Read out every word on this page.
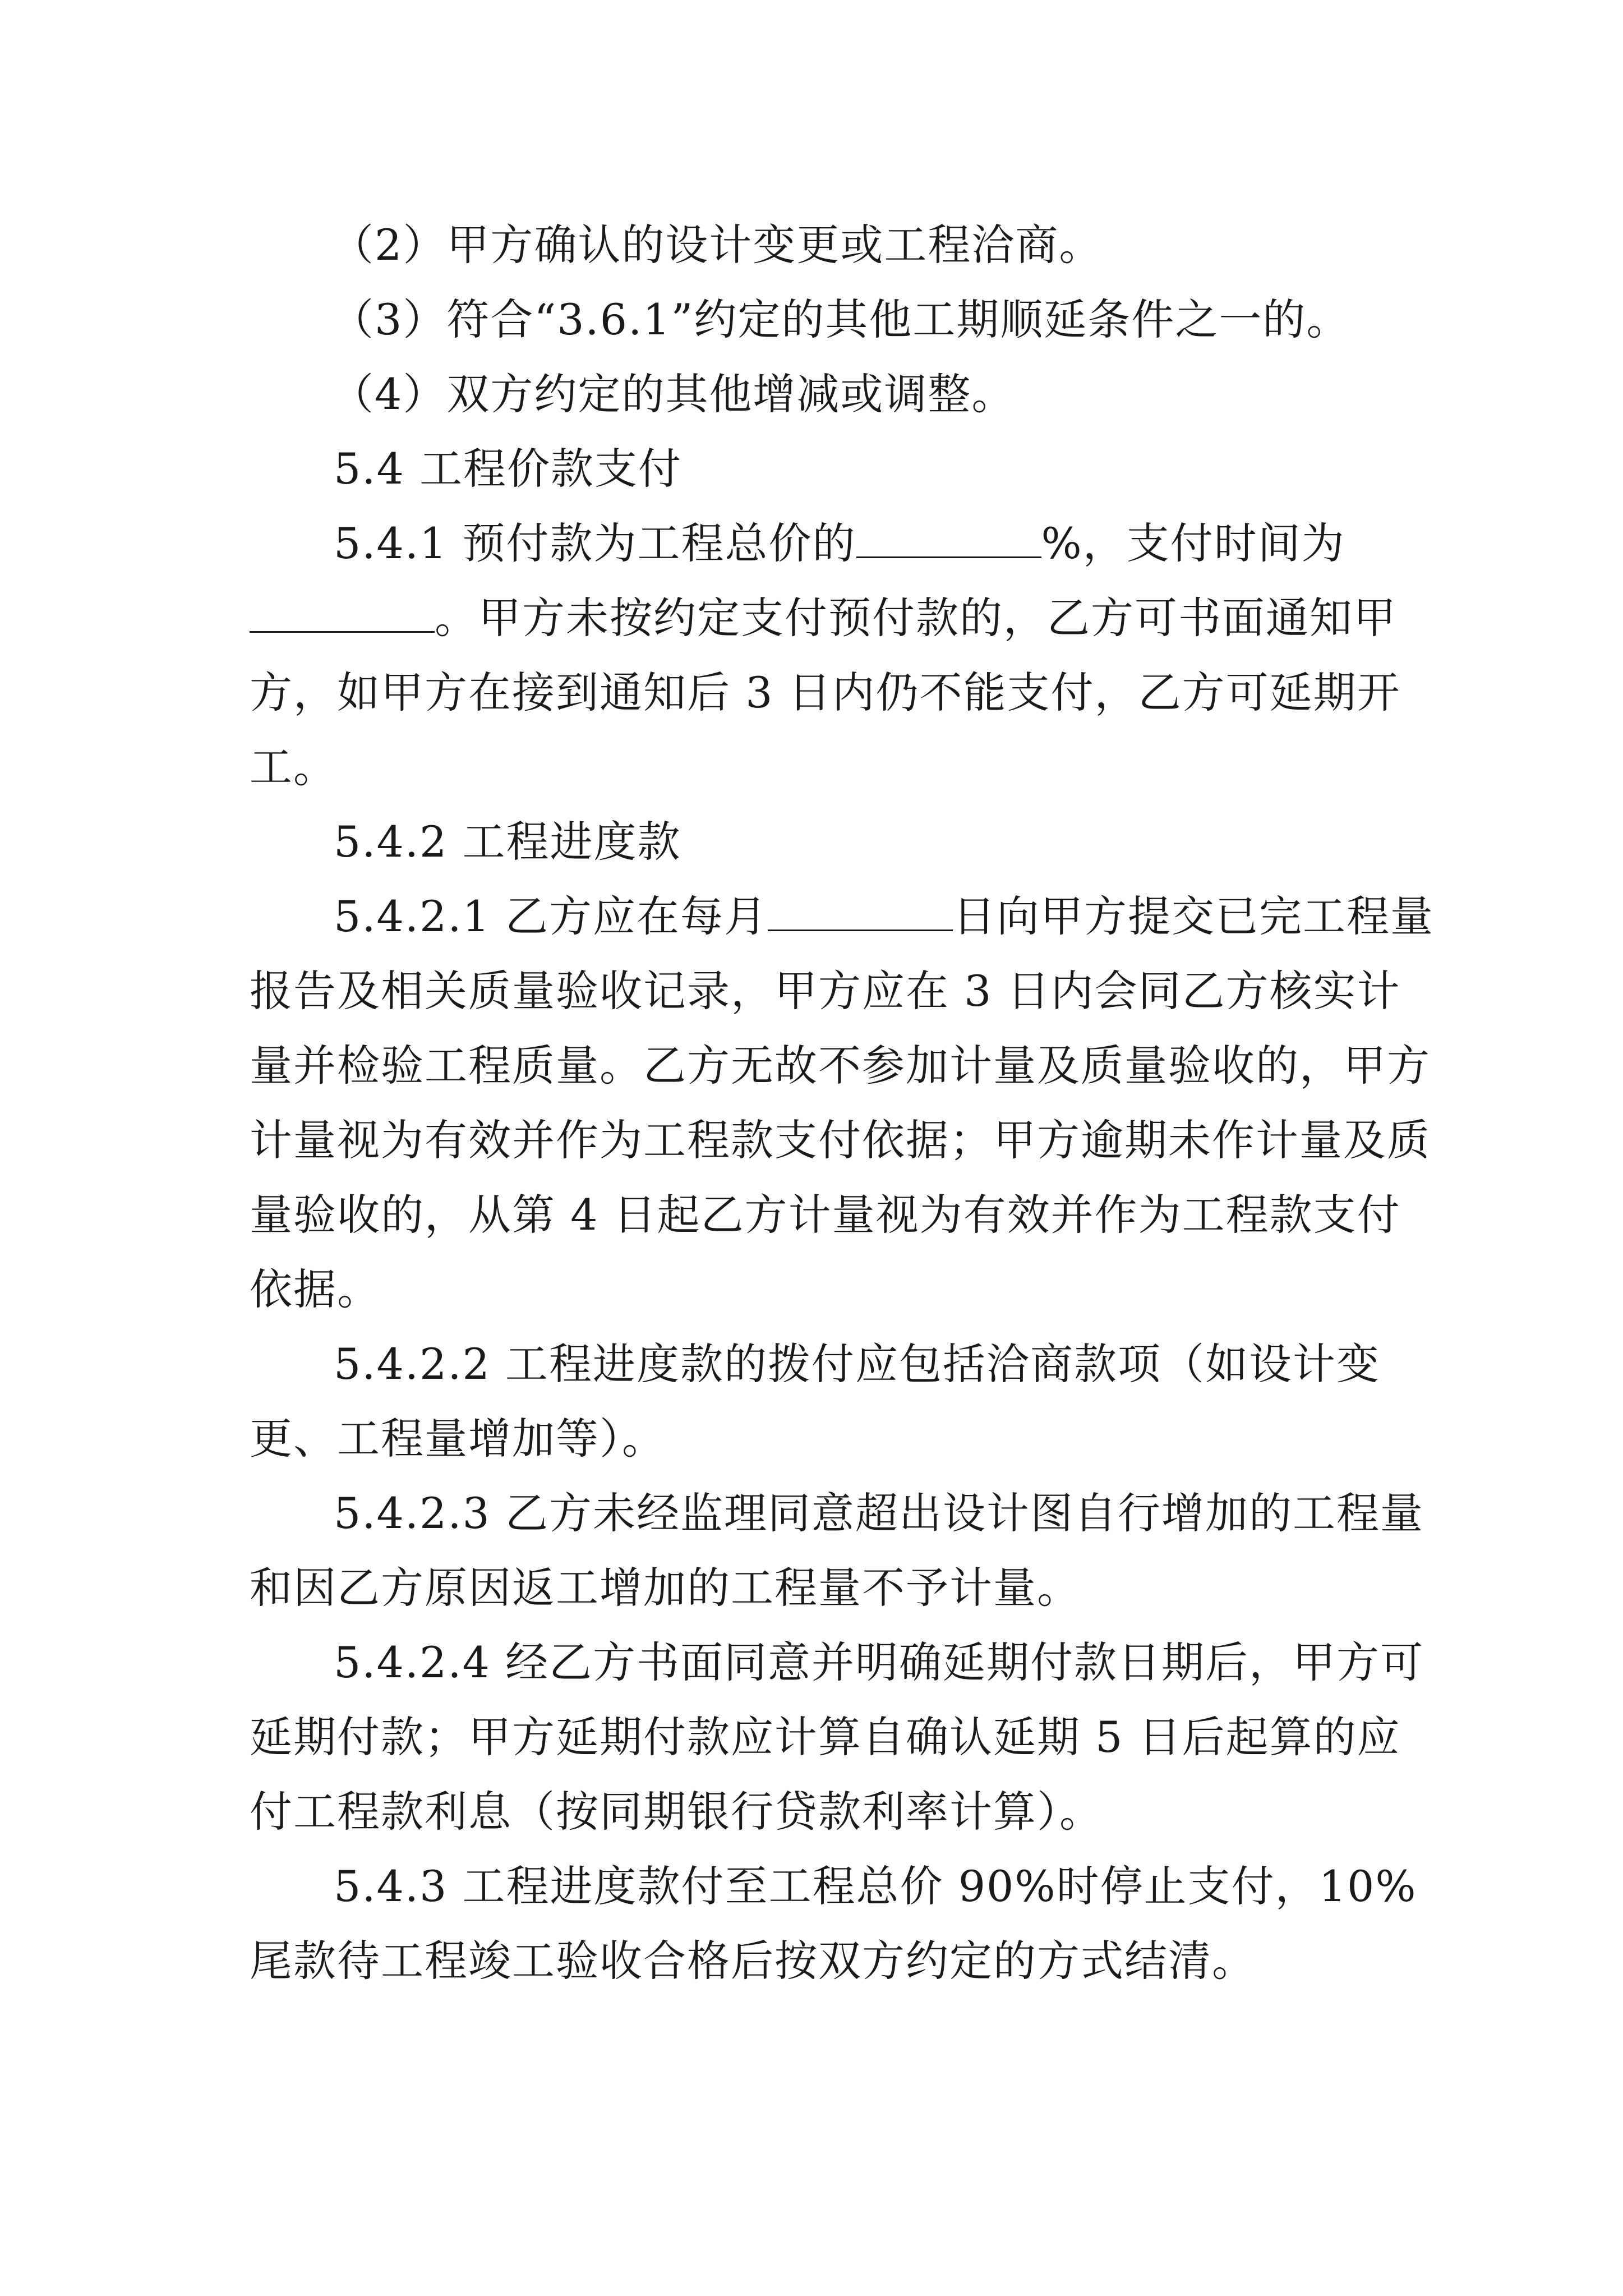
（2）甲方确认的设计变更或工程洽商。

（3）符合“3.6.1”约定的其他工期顺延条件之一的。

（4）双方约定的其他增减或调整。

5.4 工程价款支付

5.4.1 预付款为工程总价的	%，支付时间为。甲方未按约定支付预付款的，乙方可书面通知甲方，如甲方在接到通知后 3 日内仍不能支付，乙方可延期开工。

5.4.2 工程进度款

5.4.2.1 乙方应在每月	日向甲方提交已完工程量报告及相关质量验收记录，甲方应在 3 日内会同乙方核实计量并检验工程质量。乙方无故不参加计量及质量验收的，甲方计量视为有效并作为工程款支付依据；甲方逾期未作计量及质量验收的，从第 4 日起乙方计量视为有效并作为工程款支付依据。

5.4.2.2 工程进度款的拨付应包括洽商款项（如设计变更、工程量增加等）。

5.4.2.3 乙方未经监理同意超出设计图自行增加的工程量和因乙方原因返工增加的工程量不予计量。

5.4.2.4 经乙方书面同意并明确延期付款日期后，甲方可延期付款；甲方延期付款应计算自确认延期 5 日后起算的应付工程款利息（按同期银行贷款利率计算）。

5.4.3 工程进度款付至工程总价 90%时停止支付，10%尾款待工程竣工验收合格后按双方约定的方式结清。
